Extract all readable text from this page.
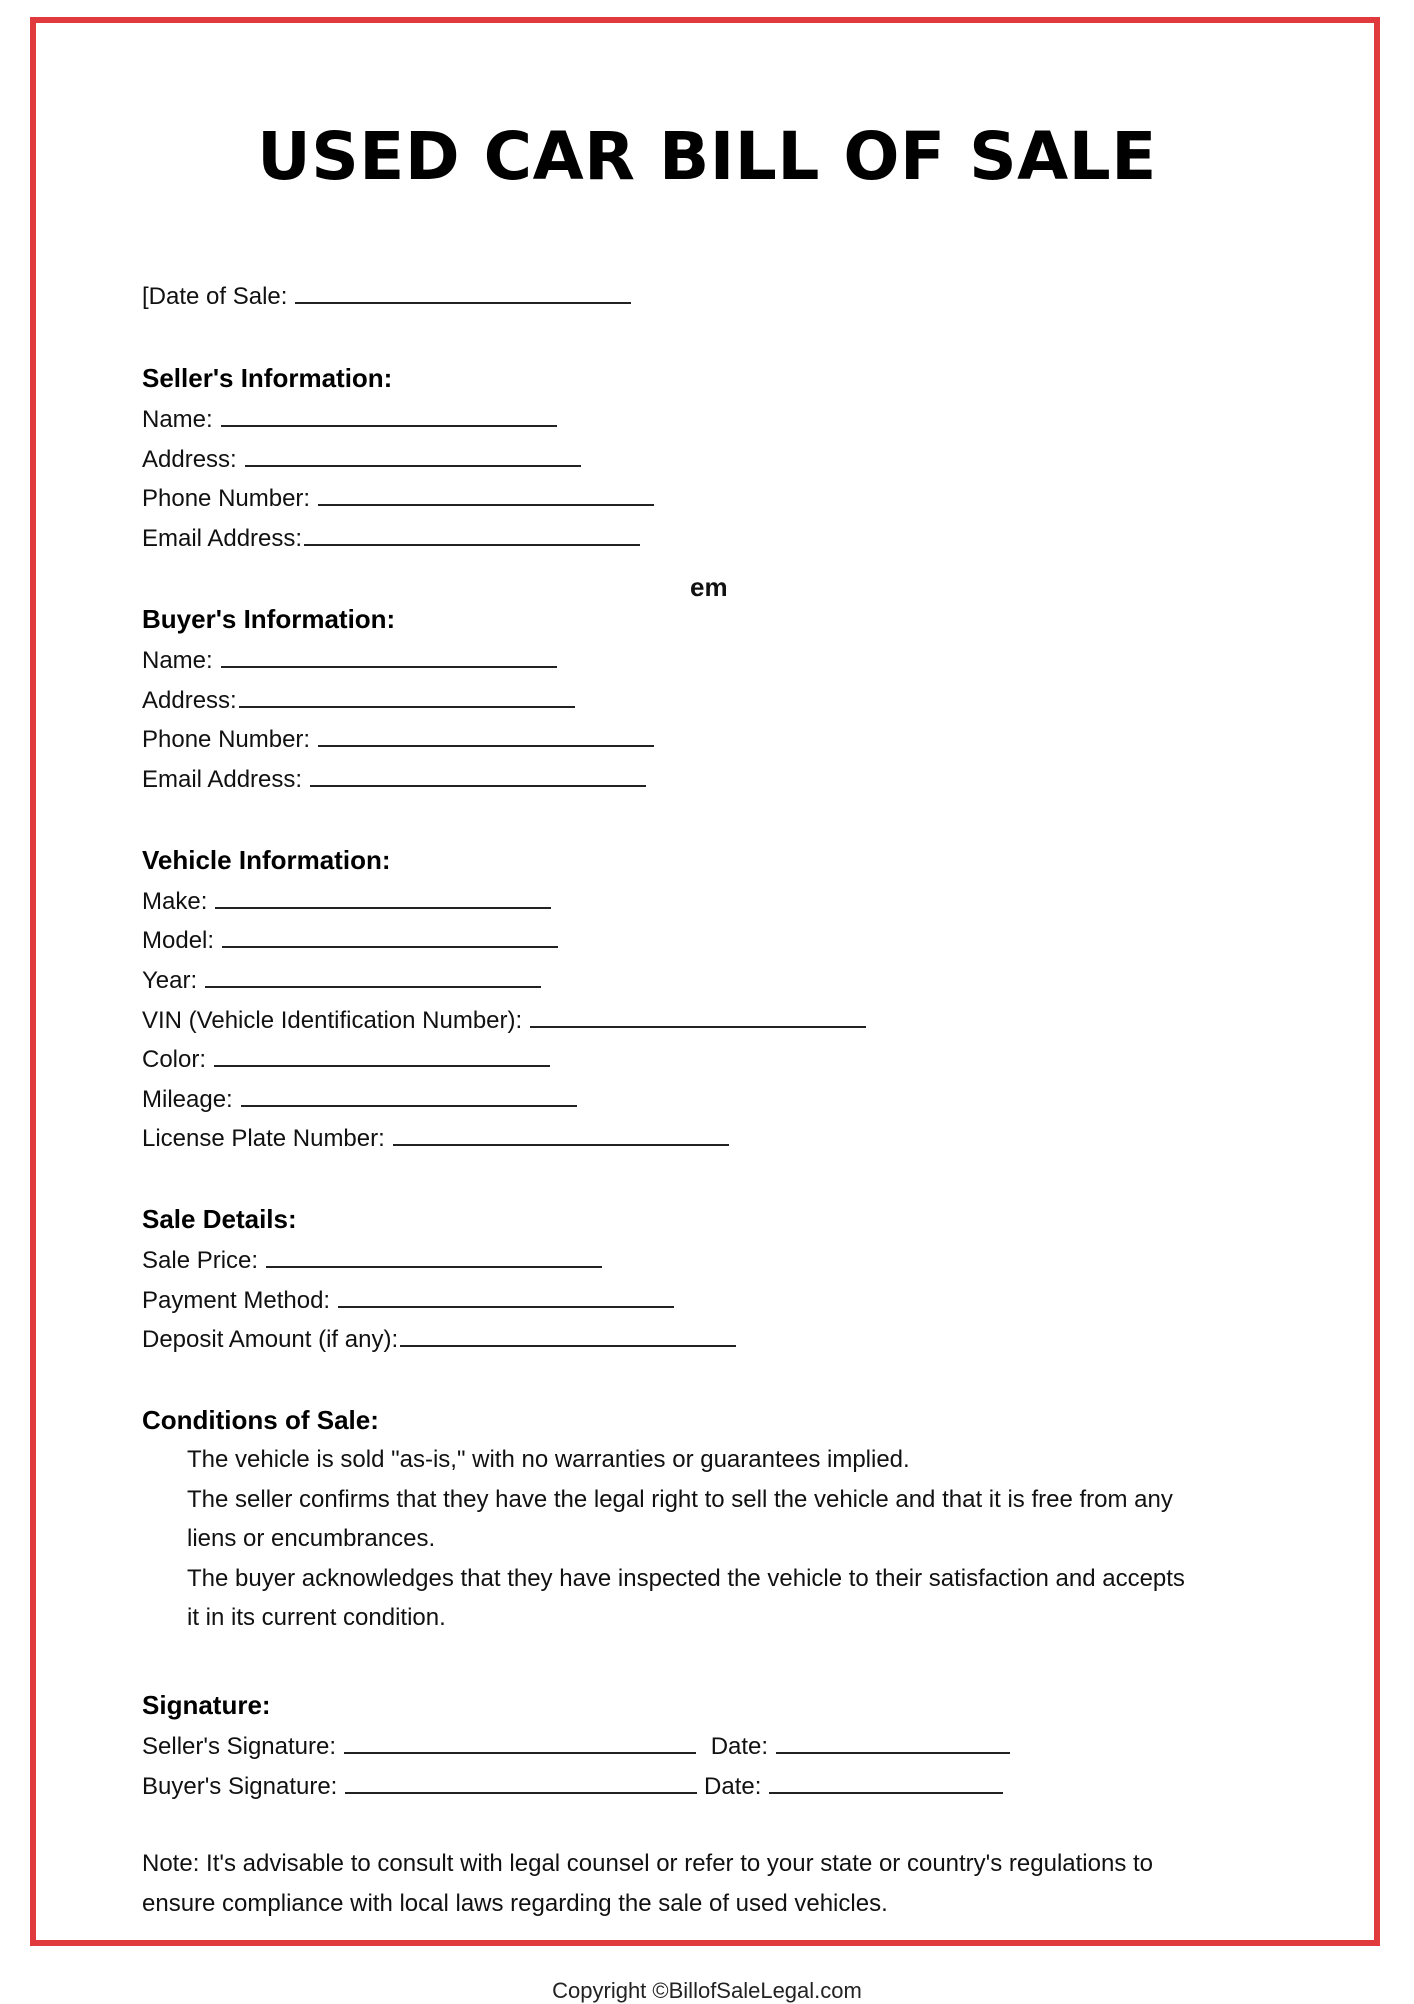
USED CAR BILL OF SALE
[Date of Sale:
Seller's Information:
Name:
Address:
Phone Number:
Email Address:
em
Buyer's Information:
Name:
Address:
Phone Number:
Email Address:
Vehicle Information:
Make:
Model:
Year:
VIN (Vehicle Identification Number):
Color:
Mileage:
License Plate Number:
Sale Details:
Sale Price:
Payment Method:
Deposit Amount (if any):
Conditions of Sale:
The vehicle is sold "as-is," with no warranties or guarantees implied.
The seller confirms that they have the legal right to sell the vehicle and that it is free from any
liens or encumbrances.
The buyer acknowledges that they have inspected the vehicle to their satisfaction and accepts
it in its current condition.
Signature:
Seller's Signature:	Date:
Buyer's Signature:	Date:
Note: It's advisable to consult with legal counsel or refer to your state or country's regulations to
ensure compliance with local laws regarding the sale of used vehicles.
Copyright ©BillofSaleLegal.com
